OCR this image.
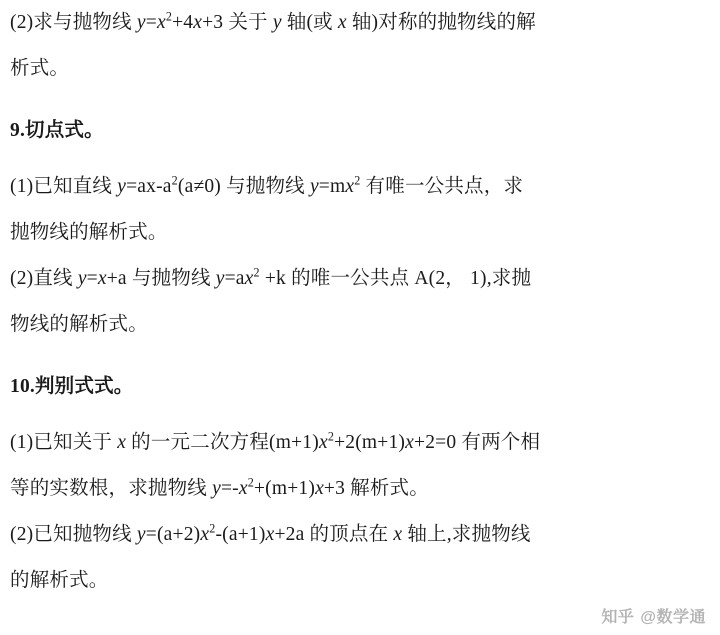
(2)求与抛物线 $y=x^2+4x+3$ 关于 y 轴(或 x 轴)对称的抛物线的解

析式。

9.切点式。

(1)已知直线 $y=ax-a^2(a\ne 0)$ 与抛物线 $y=mx^2$ 有唯一公共点，求

抛物线的解析式。

(2)直线 y=x+a 与抛物线 $y=ax^2 +k$ 的唯一公共点 A(2， 1),求抛

物线的解析式。

10.判别式式。

(1)已知关于 x 的一元二次方程$(m+1)x^2+2(m+1)x+2=0$ 有两个相

等的实数根，求抛物线 $y=-x^2+(m+1)x+3$ 解析式。

(2)已知抛物线 $y=(a+2)x^2-(a+1)x+2a$ 的顶点在 x 轴上,求抛物线

的解析式。

知乎 @数学通
